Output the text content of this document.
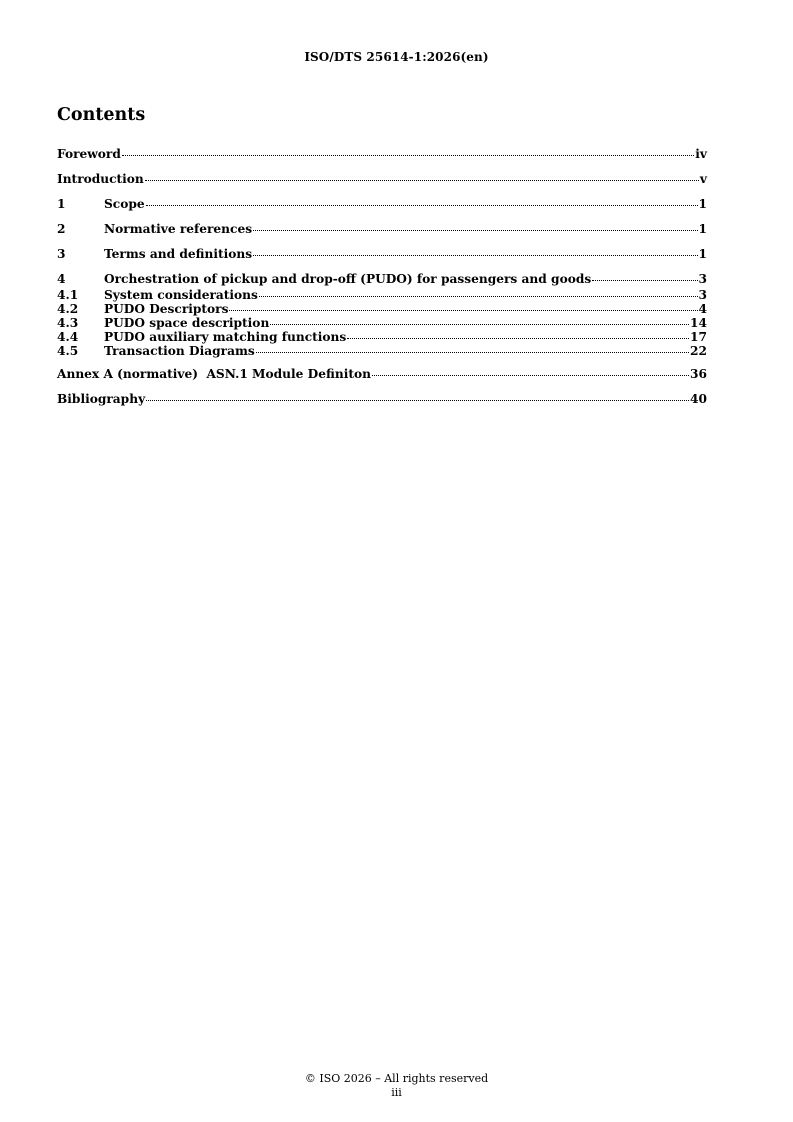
ISO/DTS 25614-1:2026(en)
Contents
Foreword	iv
Introduction	v
1	Scope	1
2	Normative references	1
3	Terms and definitions	1
4	Orchestration of pickup and drop-off (PUDO) for passengers and goods	3
4.1	System considerations	3
4.2	PUDO Descriptors	4
4.3	PUDO space description	14
4.4	PUDO auxiliary matching functions	17
4.5	Transaction Diagrams	22
Annex A (normative)  ASN.1 Module Definiton	36
Bibliography	40
© ISO 2026 – All rights reserved
iii
